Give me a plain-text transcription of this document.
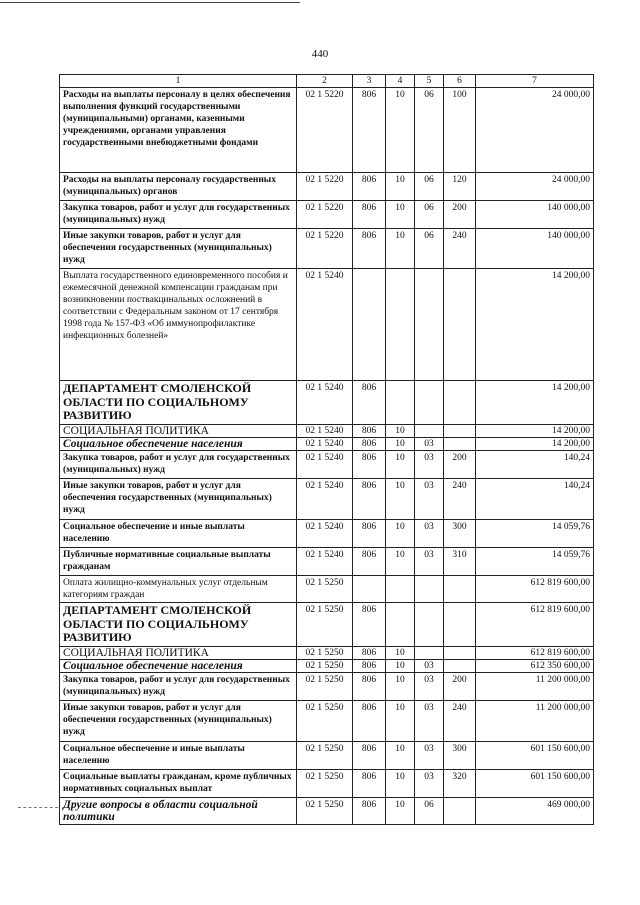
440
1	2	3	4	5	6	7
Расходы на выплаты персоналу в целях обеспечения выполнения функций государственными (муниципальными) органами, казенными учреждениями, органами управления государственными внебюджетными фондами	02 1 5220	806	10	06	100	24 000,00
Расходы на выплаты персоналу государственных (муниципальных) органов	02 1 5220	806	10	06	120	24 000,00
Закупка товаров, работ и услуг для государственных (муниципальных) нужд	02 1 5220	806	10	06	200	140 000,00
Иные закупки товаров, работ и услуг для обеспечения государственных (муниципальных) нужд	02 1 5220	806	10	06	240	140 000,00
Выплата государственного единовременного пособия и ежемесячной денежной компенсации гражданам при возникновении поствакцинальных осложнений в соответствии с Федеральным законом от 17 сентября 1998 года № 157-ФЗ «Об иммунопрофилактике инфекционных болезней»	02 1 5240					14 200,00
ДЕПАРТАМЕНТ СМОЛЕНСКОЙ ОБЛАСТИ ПО СОЦИАЛЬНОМУ РАЗВИТИЮ	02 1 5240	806				14 200,00
СОЦИАЛЬНАЯ ПОЛИТИКА	02 1 5240	806	10			14 200,00
Социальное обеспечение населения	02 1 5240	806	10	03		14 200,00
Закупка товаров, работ и услуг для государственных (муниципальных) нужд	02 1 5240	806	10	03	200	140,24
Иные закупки товаров, работ и услуг для обеспечения государственных (муниципальных) нужд	02 1 5240	806	10	03	240	140,24
Социальное обеспечение и иные выплаты населению	02 1 5240	806	10	03	300	14 059,76
Публичные нормативные социальные выплаты гражданам	02 1 5240	806	10	03	310	14 059,76
Оплата жилищно-коммунальных услуг отдельным категориям граждан	02 1 5250					612 819 600,00
ДЕПАРТАМЕНТ СМОЛЕНСКОЙ ОБЛАСТИ ПО СОЦИАЛЬНОМУ РАЗВИТИЮ	02 1 5250	806				612 819 600,00
СОЦИАЛЬНАЯ ПОЛИТИКА	02 1 5250	806	10			612 819 600,00
Социальное обеспечение населения	02 1 5250	806	10	03		612 350 600,00
Закупка товаров, работ и услуг для государственных (муниципальных) нужд	02 1 5250	806	10	03	200	11 200 000,00
Иные закупки товаров, работ и услуг для обеспечения государственных (муниципальных) нужд	02 1 5250	806	10	03	240	11 200 000,00
Социальное обеспечение и иные выплаты населению	02 1 5250	806	10	03	300	601 150 600,00
Социальные выплаты гражданам, кроме публичных нормативных социальных выплат	02 1 5250	806	10	03	320	601 150 600,00
Другие вопросы в области социальной политики	02 1 5250	806	10	06		469 000,00
